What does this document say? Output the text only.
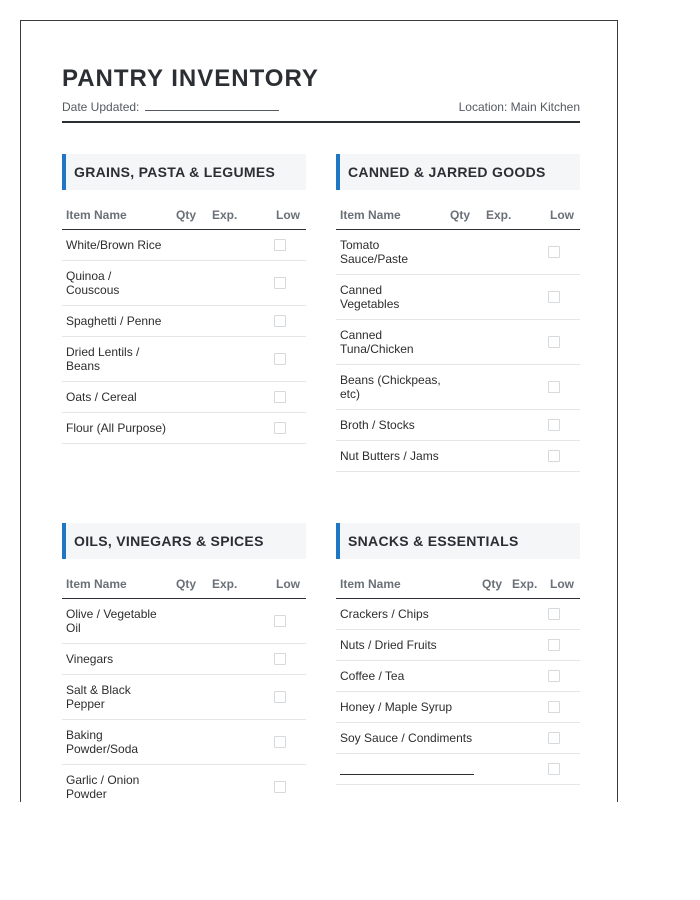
PANTRY INVENTORY
Date Updated:	Location: Main Kitchen
GRAINS, PASTA & LEGUMES
Item Name	Qty Exp.	Low
White/Brown Rice
Quinoa / Couscous
Spaghetti / Penne
Dried Lentils / Beans
Oats / Cereal
Flour (All Purpose)
CANNED & JARRED GOODS
Item Name	Qty Exp.	Low
Tomato Sauce/Paste
Canned Vegetables
Canned Tuna/Chicken
Beans (Chickpeas, etc)
Broth / Stocks
Nut Butters / Jams
OILS, VINEGARS & SPICES
Item Name	Qty Exp.	Low
Olive / Vegetable Oil
Vinegars
Salt & Black Pepper
Baking Powder/Soda
Garlic / Onion Powder
SNACKS & ESSENTIALS
Item Name	Qty Exp. Low
Crackers / Chips
Nuts / Dried Fruits
Coffee / Tea
Honey / Maple Syrup
Soy Sauce / Condiments
